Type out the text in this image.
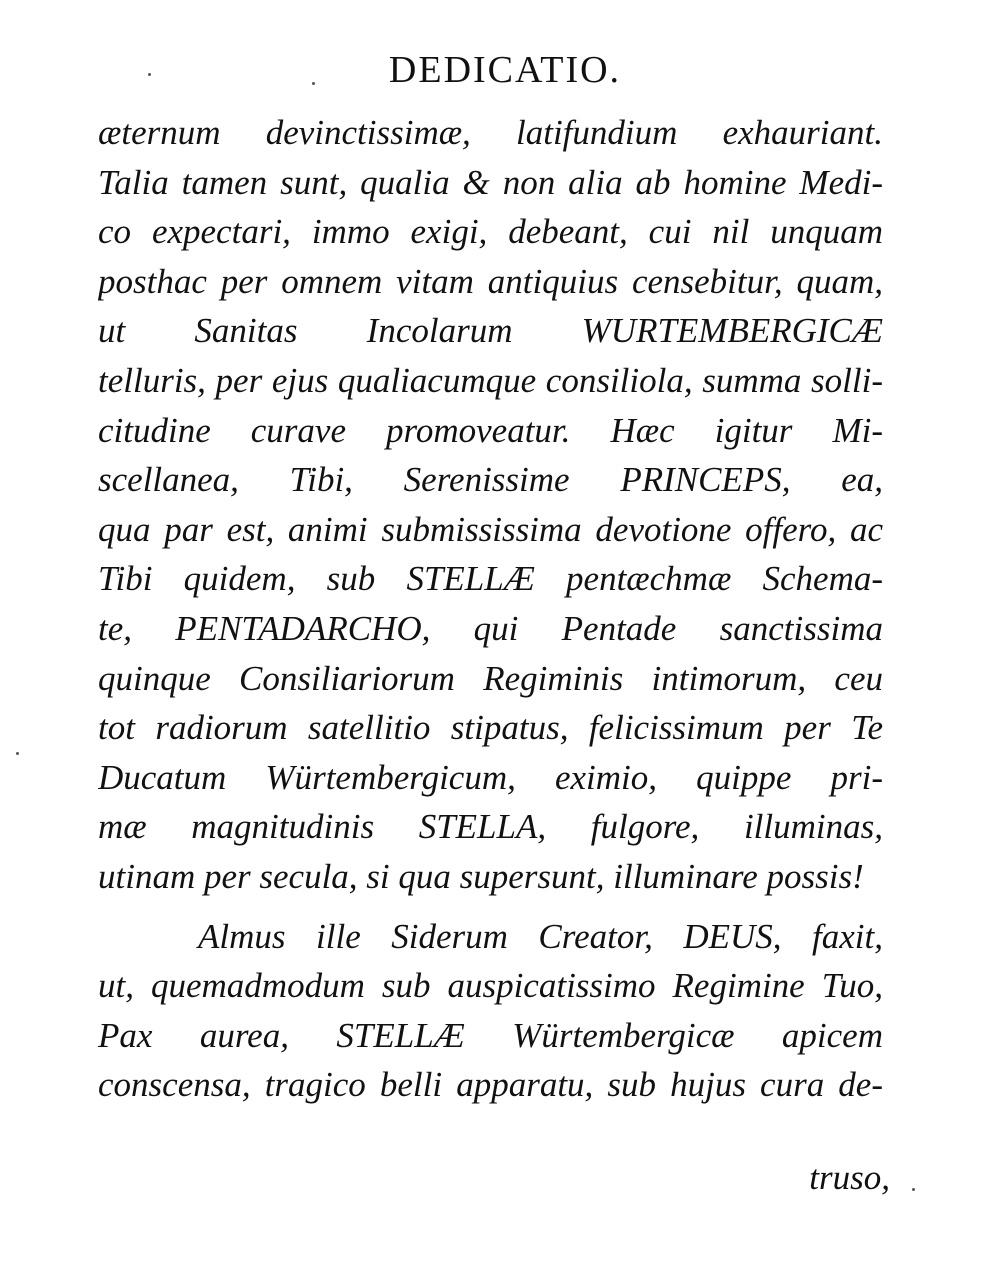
DEDICATIO.
æternum devinctissimæ, latifundium exhauriant.
Talia tamen sunt, qualia & non alia ab homine Medi-
co expectari, immo exigi, debeant, cui nil unquam
posthac per omnem vitam antiquius censebitur, quam,
ut Sanitas Incolarum WURTEMBERGICÆ
telluris, per ejus qualiacumque consiliola, summa solli-
citudine curave promoveatur. Hæc igitur Mi-
scellanea, Tibi, Serenissime PRINCEPS, ea,
qua par est, animi submississima devotione offero, ac
Tibi quidem, sub STELLÆ pentæchmæ Schema-
te, PENTADARCHO, qui Pentade sanctissima
quinque Consiliariorum Regiminis intimorum, ceu
tot radiorum satellitio stipatus, felicissimum per Te
Ducatum Würtembergicum, eximio, quippe pri-
mæ magnitudinis STELLA, fulgore, illuminas,
utinam per secula, si qua supersunt, illuminare possis!
Almus ille Siderum Creator, DEUS, faxit,
ut, quemadmodum sub auspicatissimo Regimine Tuo,
Pax aurea, STELLÆ Würtembergicæ apicem
conscensa, tragico belli apparatu, sub hujus cura de-
truso,
